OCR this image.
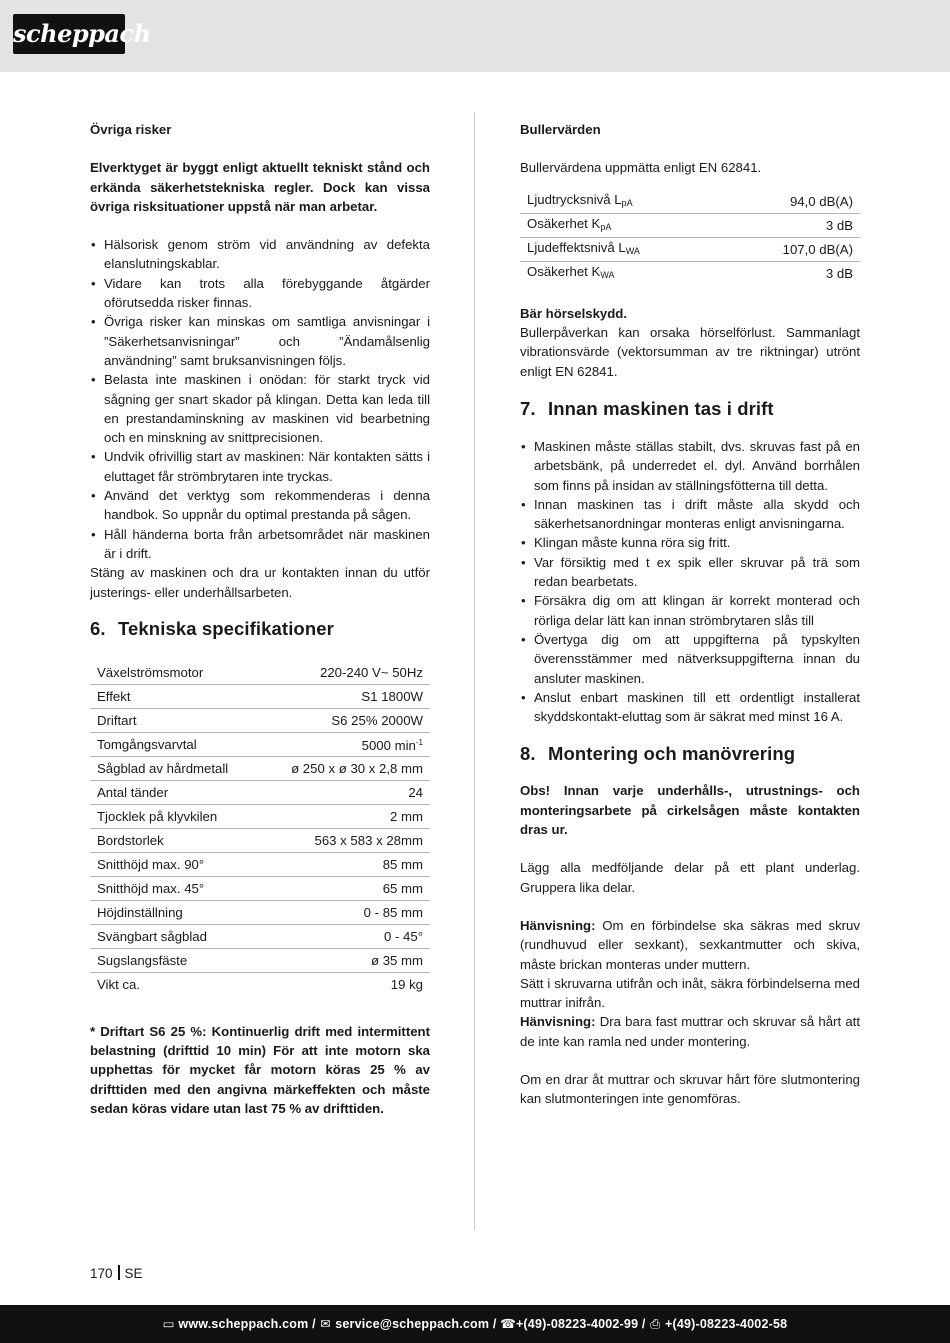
scheppach
Övriga risker
Elverktyget är byggt enligt aktuellt tekniskt stånd och erkända säkerhetstekniska regler. Dock kan vissa övriga risksituationer uppstå när man arbetar.
• Hälsorisk genom ström vid användning av defekta elanslutningskablar.
• Vidare kan trots alla förebyggande åtgärder oförutsedda risker finnas.
• Övriga risker kan minskas om samtliga anvisningar i ”Säkerhetsanvisningar” och ”Ändamålsenlig användning” samt bruksanvisningen följs.
• Belasta inte maskinen i onödan: för starkt tryck vid sågning ger snart skador på klingan. Detta kan leda till en prestandaminskning av maskinen vid bearbetning och en minskning av snittprecisionen.
• Undvik ofrivillig start av maskinen: När kontakten sätts i eluttaget får strömbrytaren inte tryckas.
• Använd det verktyg som rekommenderas i denna handbok. So uppnår du optimal prestanda på sågen.
• Håll händerna borta från arbetsområdet när maskinen är i drift.
Stäng av maskinen och dra ur kontakten innan du utför justerings- eller underhållsarbeten.
6. Tekniska specifikationer
Växelströmsmotor	220-240 V~ 50Hz
Effekt	S1 1800W
Driftart	S6 25% 2000W
Tomgångsvarvtal	5000 $\min^{-1}$
Sågblad av hårdmetall	ø 250 x ø 30 x 2,8 mm
Antal tänder	24
Tjocklek på klyvkilen	2 mm
Bordstorlek	563 x 583 x 28mm
Snitthöjd max. 90°	85 mm
Snitthöjd max. 45°	65 mm
Höjdinställning	0 - 85 mm
Svängbart sågblad	0 - 45°
Sugslangsfäste	ø 35 mm
Vikt ca.	19 kg
* Driftart S6 25 %: Kontinuerlig drift med intermittent belastning (drifttid 10 min) För att inte motorn ska upphettas för mycket får motorn köras 25 % av drifttiden med den angivna märkeffekten och måste sedan köras vidare utan last 75 % av drifttiden.
Bullervärden
Bullervärdena uppmätta enligt EN 62841.
Ljudtrycksnivå $L_{pA}$	94,0 dB(A)
Osäkerhet $K_{pA}$	3 dB
Ljudeffektsnivå $L_{WA}$	107,0 dB(A)
Osäkerhet $K_{WA}$	3 dB
Bär hörselskydd.
Bullerpåverkan kan orsaka hörselförlust. Sammanlagt vibrationsvärde (vektorsumman av tre riktningar) utrönt enligt EN 62841.
7. Innan maskinen tas i drift
• Maskinen måste ställas stabilt, dvs. skruvas fast på en arbetsbänk, på underredet el. dyl. Använd borrhålen som finns på insidan av ställningsfötterna till detta.
• Innan maskinen tas i drift måste alla skydd och säkerhetsanordningar monteras enligt anvisningarna.
• Klingan måste kunna röra sig fritt.
• Var försiktig med t ex spik eller skruvar på trä som redan bearbetats.
• Försäkra dig om att klingan är korrekt monterad och rörliga delar lätt kan innan strömbrytaren slås till
• Övertyga dig om att uppgifterna på typskylten överensstämmer med nätverksuppgifterna innan du ansluter maskinen.
• Anslut enbart maskinen till ett ordentligt installerat skyddskontakt-eluttag som är säkrat med minst 16 A.
8. Montering och manövrering
Obs! Innan varje underhålls-, utrustnings- och monteringsarbete på cirkelsågen måste kontakten dras ur.
Lägg alla medföljande delar på ett plant underlag. Gruppera lika delar.
Hänvisning: Om en förbindelse ska säkras med skruv (rundhuvud eller sexkant), sexkantmutter och skiva, måste brickan monteras under muttern.
Sätt i skruvarna utifrån och inåt, säkra förbindelserna med muttrar inifrån.
Hänvisning: Dra bara fast muttrar och skruvar så hårt att de inte kan ramla ned under montering.
Om en drar åt muttrar och skruvar hårt före slutmontering kan slutmonteringen inte genomföras.
170 SE
▭ www.scheppach.com / ✉ service@scheppach.com / ☎ +(49)-08223-4002-99 / ⎙ +(49)-08223-4002-58
